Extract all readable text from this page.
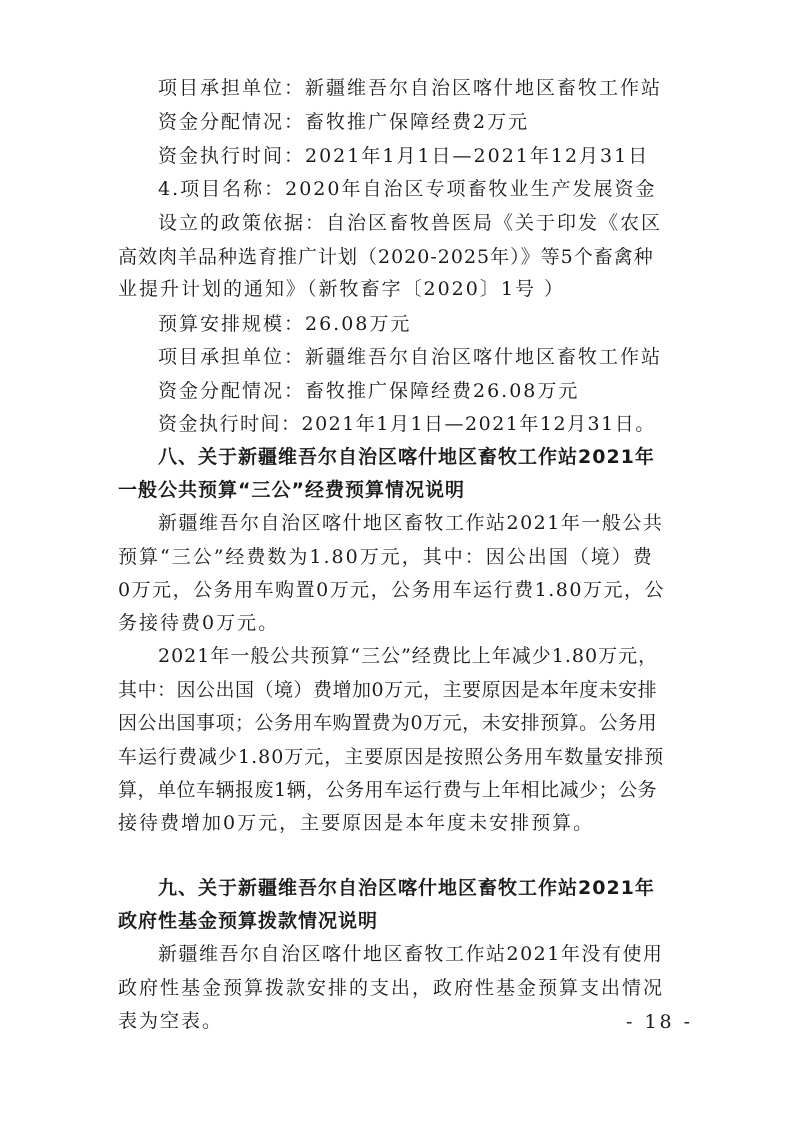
项目承担单位：新疆维吾尔自治区喀什地区畜牧工作站
资金分配情况：畜牧推广保障经费2万元
资金执行时间：2021年1月1日—2021年12月31日
4.项目名称：2020年自治区专项畜牧业生产发展资金
设立的政策依据：自治区畜牧兽医局《关于印发《农区
高效肉羊品种选育推广计划（2020-2025年）》等5个畜禽种
业提升计划的通知》（新牧畜字〔2020〕1号 ）
预算安排规模：26.08万元
项目承担单位：新疆维吾尔自治区喀什地区畜牧工作站
资金分配情况：畜牧推广保障经费26.08万元
资金执行时间：2021年1月1日—2021年12月31日。
八、关于新疆维吾尔自治区喀什地区畜牧工作站2021年
一般公共预算“三公”经费预算情况说明
新疆维吾尔自治区喀什地区畜牧工作站2021年一般公共
预算“三公”经费数为1.80万元，其中：因公出国（境）费
0万元，公务用车购置0万元，公务用车运行费1.80万元，公
务接待费0万元。
2021年一般公共预算“三公”经费比上年减少1.80万元，
其中：因公出国（境）费增加0万元，主要原因是本年度未安排
因公出国事项；公务用车购置费为0万元，未安排预算。公务用
车运行费减少1.80万元，主要原因是按照公务用车数量安排预
算，单位车辆报废1辆，公务用车运行费与上年相比减少；公务
接待费增加0万元，主要原因是本年度未安排预算。
九、关于新疆维吾尔自治区喀什地区畜牧工作站2021年
政府性基金预算拨款情况说明
新疆维吾尔自治区喀什地区畜牧工作站2021年没有使用
政府性基金预算拨款安排的支出，政府性基金预算支出情况
表为空表。	- 18 -
